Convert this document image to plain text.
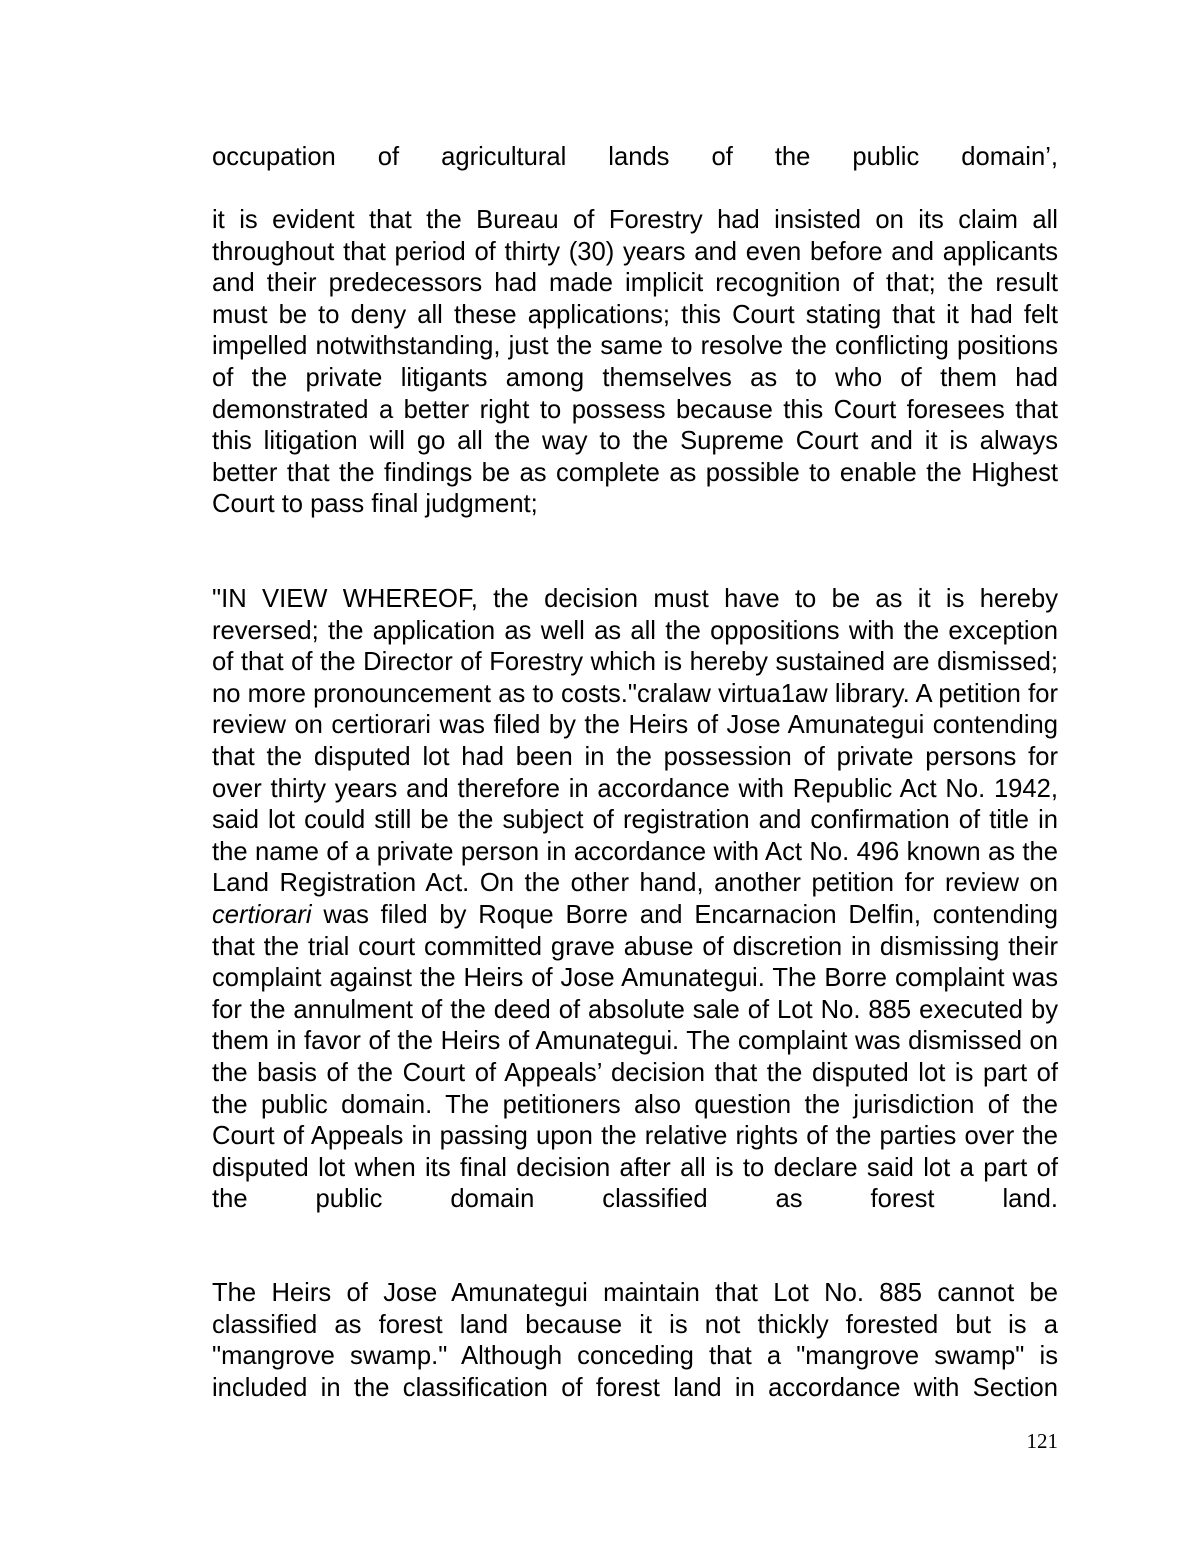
occupation of agricultural lands of the public domain’,

it is evident that the Bureau of Forestry had insisted on its claim all throughout that period of thirty (30) years and even before and applicants and their predecessors had made implicit recognition of that; the result must be to deny all these applications; this Court stating that it had felt impelled notwithstanding, just the same to resolve the conflicting positions of the private litigants among themselves as to who of them had demonstrated a better right to possess because this Court foresees that this litigation will go all the way to the Supreme Court and it is always better that the findings be as complete as possible to enable the Highest Court to pass final judgment;

"IN VIEW WHEREOF, the decision must have to be as it is hereby reversed; the application as well as all the oppositions with the exception of that of the Director of Forestry which is hereby sustained are dismissed; no more pronouncement as to costs."cralaw virtua1aw library. A petition for review on certiorari was filed by the Heirs of Jose Amunategui contending that the disputed lot had been in the possession of private persons for over thirty years and therefore in accordance with Republic Act No. 1942, said lot could still be the subject of registration and confirmation of title in the name of a private person in accordance with Act No. 496 known as the Land Registration Act. On the other hand, another petition for review on certiorari was filed by Roque Borre and Encarnacion Delfin, contending that the trial court committed grave abuse of discretion in dismissing their complaint against the Heirs of Jose Amunategui. The Borre complaint was for the annulment of the deed of absolute sale of Lot No. 885 executed by them in favor of the Heirs of Amunategui. The complaint was dismissed on the basis of the Court of Appeals’ decision that the disputed lot is part of the public domain. The petitioners also question the jurisdiction of the Court of Appeals in passing upon the relative rights of the parties over the disputed lot when its final decision after all is to declare said lot a part of the public domain classified as forest land.

The Heirs of Jose Amunategui maintain that Lot No. 885 cannot be classified as forest land because it is not thickly forested but is a "mangrove swamp." Although conceding that a "mangrove swamp" is included in the classification of forest land in accordance with Section

121
